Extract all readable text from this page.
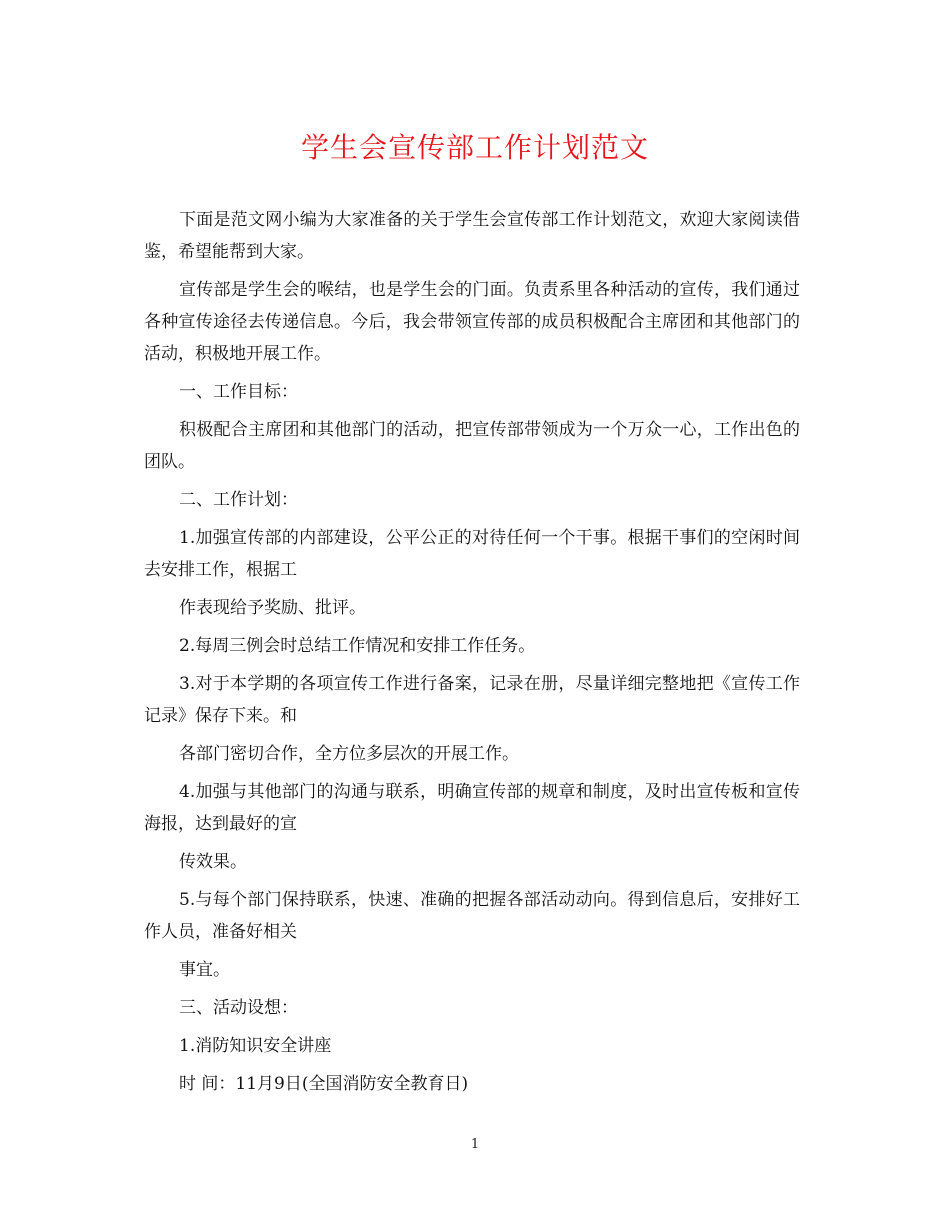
学生会宣传部工作计划范文

下面是范文网小编为大家准备的关于学生会宣传部工作计划范文，欢迎大家阅读借鉴，希望能帮到大家。

宣传部是学生会的喉结，也是学生会的门面。负责系里各种活动的宣传，我们通过各种宣传途径去传递信息。今后，我会带领宣传部的成员积极配合主席团和其他部门的活动，积极地开展工作。

一、工作目标：

积极配合主席团和其他部门的活动，把宣传部带领成为一个万众一心，工作出色的团队。

二、工作计划：

1.加强宣传部的内部建设，公平公正的对待任何一个干事。根据干事们的空闲时间去安排工作，根据工

作表现给予奖励、批评。

2.每周三例会时总结工作情况和安排工作任务。

3.对于本学期的各项宣传工作进行备案，记录在册，尽量详细完整地把《宣传工作记录》保存下来。和

各部门密切合作，全方位多层次的开展工作。

4.加强与其他部门的沟通与联系，明确宣传部的规章和制度，及时出宣传板和宣传海报，达到最好的宣

传效果。

5.与每个部门保持联系，快速、准确的把握各部活动动向。得到信息后，安排好工作人员，准备好相关

事宜。

三、活动设想：

1.消防知识安全讲座

时 间：11月9日(全国消防安全教育日)

1
